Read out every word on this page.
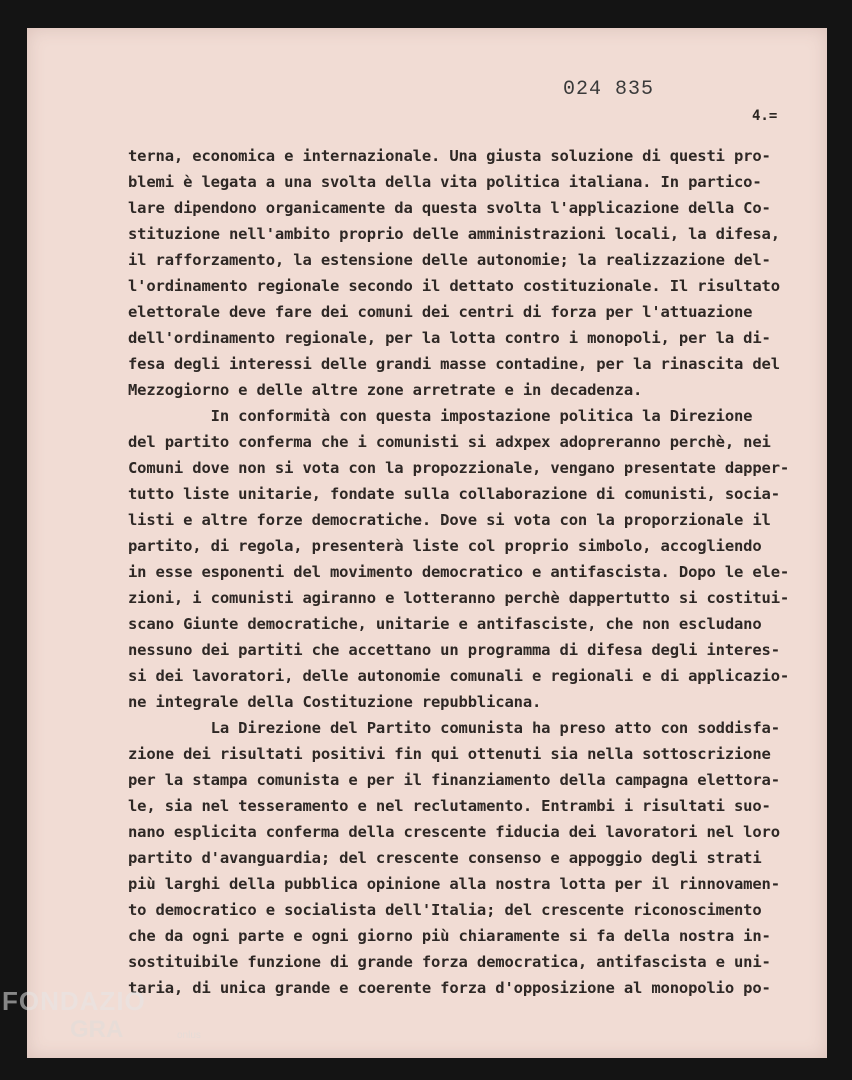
024 835
4.=
terna, economica e internazionale. Una giusta soluzione di questi pro-
blemi è legata a una svolta della vita politica italiana. In partico-
lare dipendono organicamente da questa svolta l'applicazione della Co-
stituzione nell'ambito proprio delle amministrazioni locali, la difesa,
il rafforzamento, la estensione delle autonomie; la realizzazione del-
l'ordinamento regionale secondo il dettato costituzionale. Il risultato
elettorale deve fare dei comuni dei centri di forza per l'attuazione
dell'ordinamento regionale, per la lotta contro i monopoli, per la di-
fesa degli interessi delle grandi masse contadine, per la rinascita del
Mezzogiorno e delle altre zone arretrate e in decadenza.
In conformità con questa impostazione politica la Direzione
del partito conferma che i comunisti si adxpex adopreranno perchè, nei
Comuni dove non si vota con la propozzionale, vengano presentate dapper-
tutto liste unitarie, fondate sulla collaborazione di comunisti, socia-
listi e altre forze democratiche. Dove si vota con la proporzionale il
partito, di regola, presenterà liste col proprio simbolo, accogliendo
in esse esponenti del movimento democratico e antifascista. Dopo le ele-
zioni, i comunisti agiranno e lotteranno perchè dappertutto si costitui-
scano Giunte democratiche, unitarie e antifasciste, che non escludano
nessuno dei partiti che accettano un programma di difesa degli interes-
si dei lavoratori, delle autonomie comunali e regionali e di applicazio-
ne integrale della Costituzione repubblicana.
La Direzione del Partito comunista ha preso atto con soddisfa-
zione dei risultati positivi fin qui ottenuti sia nella sottoscrizione
per la stampa comunista e per il finanziamento della campagna elettora-
le, sia nel tesseramento e nel reclutamento. Entrambi i risultati suo-
nano esplicita conferma della crescente fiducia dei lavoratori nel loro
partito d'avanguardia; del crescente consenso e appoggio degli strati
più larghi della pubblica opinione alla nostra lotta per il rinnovamen-
to democratico e socialista dell'Italia; del crescente riconoscimento
che da ogni parte e ogni giorno più chiaramente si fa della nostra in-
sostituibile funzione di grande forza democratica, antifascista e uni-
taria, di unica grande e coerente forza d'opposizione al monopolio po-
FONDAZIO
GRA	onlus
